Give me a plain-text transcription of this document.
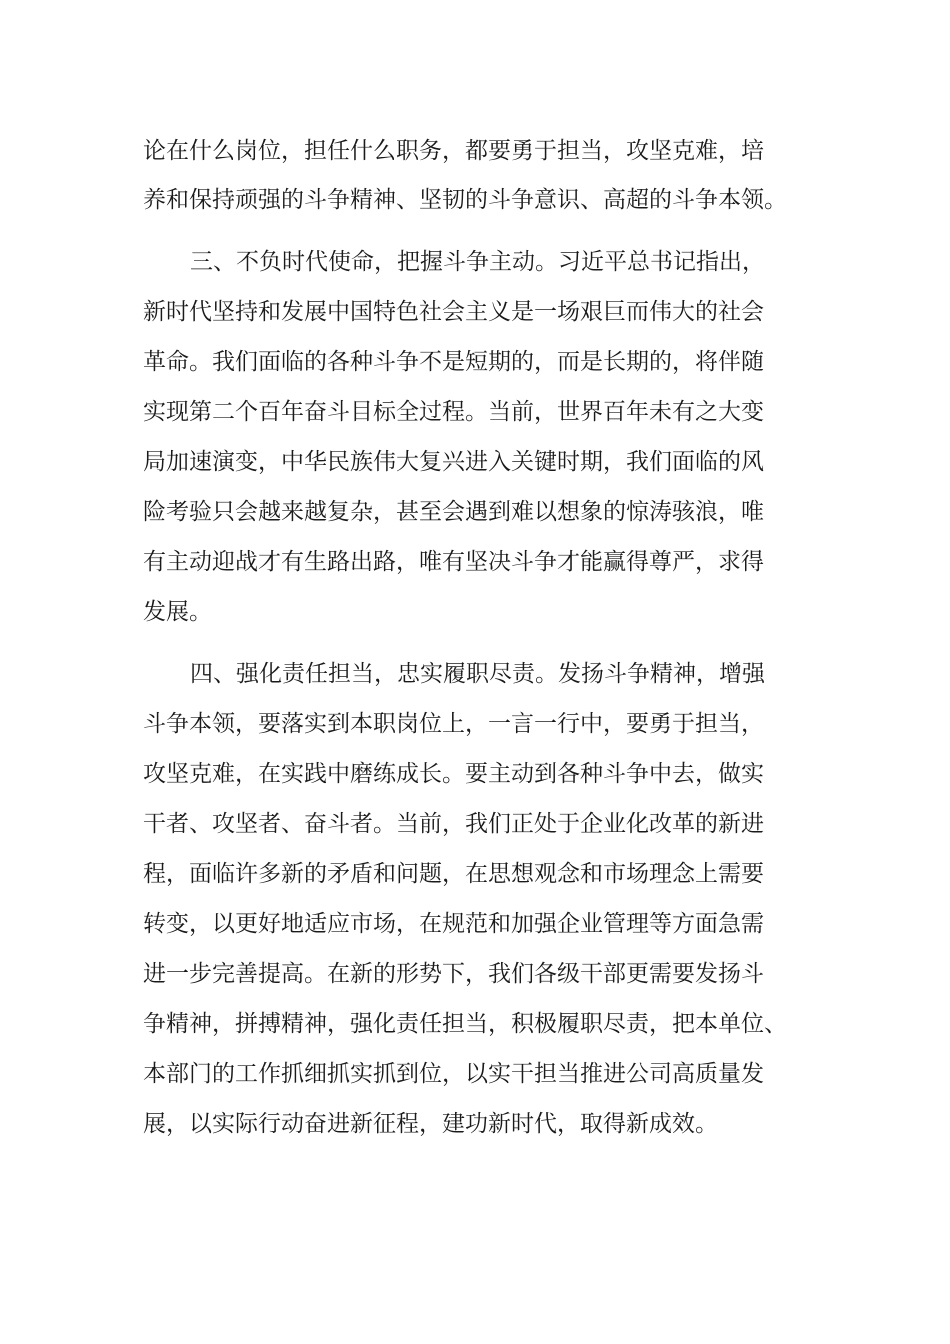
论在什么岗位，担任什么职务，都要勇于担当，攻坚克难，培
养和保持顽强的斗争精神、坚韧的斗争意识、高超的斗争本领。
三、不负时代使命，把握斗争主动。习近平总书记指出，
新时代坚持和发展中国特色社会主义是一场艰巨而伟大的社会
革命。我们面临的各种斗争不是短期的，而是长期的，将伴随
实现第二个百年奋斗目标全过程。当前，世界百年未有之大变
局加速演变，中华民族伟大复兴进入关键时期，我们面临的风
险考验只会越来越复杂，甚至会遇到难以想象的惊涛骇浪，唯
有主动迎战才有生路出路，唯有坚决斗争才能赢得尊严，求得
发展。
四、强化责任担当，忠实履职尽责。发扬斗争精神，增强
斗争本领，要落实到本职岗位上，一言一行中，要勇于担当，
攻坚克难，在实践中磨练成长。要主动到各种斗争中去，做实
干者、攻坚者、奋斗者。当前，我们正处于企业化改革的新进
程，面临许多新的矛盾和问题，在思想观念和市场理念上需要
转变，以更好地适应市场，在规范和加强企业管理等方面急需
进一步完善提高。在新的形势下，我们各级干部更需要发扬斗
争精神，拼搏精神，强化责任担当，积极履职尽责，把本单位、
本部门的工作抓细抓实抓到位，以实干担当推进公司高质量发
展，以实际行动奋进新征程，建功新时代，取得新成效。
